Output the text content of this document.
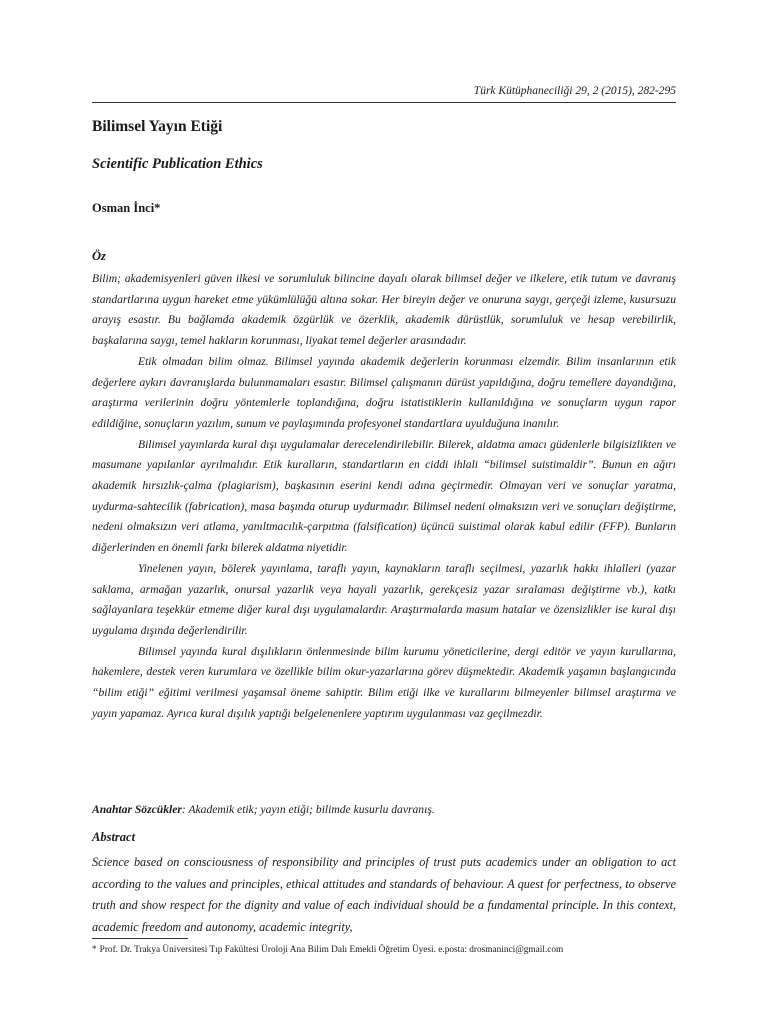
Türk Kütüphaneciliği 29, 2 (2015), 282-295
Bilimsel Yayın Etiği
Scientific Publication Ethics
Osman İnci*
Öz

Bilim; akademisyenleri güven ilkesi ve sorumluluk bilincine dayalı olarak bilimsel değer ve ilkelere, etik tutum ve davranış standartlarına uygun hareket etme yükümlülüğü altına sokar. Her bireyin değer ve onuruna saygı, gerçeği izleme, kusursuzu arayış esastır. Bu bağlamda akademik özgürlük ve özerklik, akademik dürüstlük, sorumluluk ve hesap verebilirlik, başkalarına saygı, temel hakların korunması, liyakat temel değerler arasındadır.

Etik olmadan bilim olmaz. Bilimsel yayında akademik değerlerin korunması elzemdir. Bilim insanlarının etik değerlere aykırı davranışlarda bulunmamaları esastır. Bilimsel çalışmanın dürüst yapıldığına, doğru temellere dayandığına, araştırma verilerinin doğru yöntemlerle toplandığına, doğru istatistiklerin kullanıldığına ve sonuçların uygun rapor edildiğine, sonuçların yazılım, sunum ve paylaşımında profesyonel standartlara uyulduğuna inanılır.

Bilimsel yayınlarda kural dışı uygulamalar derecelendirilebilir. Bilerek, aldatma amacı güdenlerle bilgisizlikten ve masumane yapılanlar ayrılmalıdır. Etik kuralların, standartların en ciddi ihlali “bilimsel suistimaldir”. Bunun en ağırı akademik hırsızlık-çalma (plagiarism), başkasının eserini kendi adına geçirmedir. Olmayan veri ve sonuçlar yaratma, uydurma-sahtecilik (fabrication), masa başında oturup uydurmadır. Bilimsel nedeni olmaksızın veri ve sonuçları değiştirme, nedeni olmaksızın veri atlama, yanıltmacılık-çarpıtma (falsification) üçüncü suistimal olarak kabul edilir (FFP). Bunların diğerlerinden en önemli farkı bilerek aldatma niyetidir.

Yinelenen yayın, bölerek yayınlama, taraflı yayın, kaynakların taraflı seçilmesi, yazarlık hakkı ihlalleri (yazar saklama, armağan yazarlık, onursal yazarlık veya hayali yazarlık, gerekçesiz yazar sıralaması değiştirme vb.), katkı sağlayanlara teşekkür etmeme diğer kural dışı uygulamalardır. Araştırmalarda masum hatalar ve özensizlikler ise kural dışı uygulama dışında değerlendirilir.

Bilimsel yayında kural dışılıkların önlenmesinde bilim kurumu yöneticilerine, dergi editör ve yayın kurullarına, hakemlere, destek veren kurumlara ve özellikle bilim okur-yazarlarına görev düşmektedir. Akademik yaşamın başlangıcında “bilim etiği” eğitimi verilmesi yaşamsal öneme sahiptir. Bilim etiği ilke ve kurallarını bilmeyenler bilimsel araştırma ve yayın yapamaz. Ayrıca kural dışılık yaptığı belgelenenlere yaptırım uygulanması vaz geçilmezdir.

Anahtar Sözcükler: Akademik etik; yayın etiği; bilimde kusurlu davranış.
Abstract

Science based on consciousness of responsibility and principles of trust puts academics under an obligation to act according to the values and principles, ethical attitudes and standards of behaviour. A quest for perfectness, to observe truth and show respect for the dignity and value of each individual should be a fundamental principle. In this context, academic freedom and autonomy, academic integrity,

* Prof. Dr. Trakya Üniversitesi Tıp Fakültesi Üroloji Ana Bilim Dalı Emekli Öğretim Üyesi. e.posta: drosmaninci@gmail.com
